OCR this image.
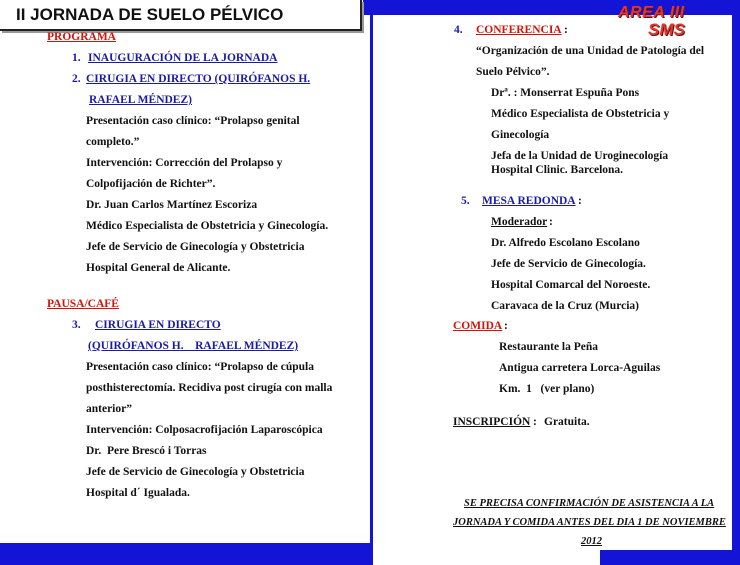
II JORNADA DE SUELO PÉLVICO	AREA III
SMS
PROGRAMA
1. INAUGURACIÓN DE LA JORNADA
2. CIRUGIA EN DIRECTO (QUIRÓFANOS H.
RAFAEL MÉNDEZ)
Presentación caso clínico: “Prolapso genital
completo.”
Intervención: Corrección del Prolapso y
Colpofijación de Richter”.
Dr. Juan Carlos Martínez Escoriza
Médico Especialista de Obstetricia y Ginecología.
Jefe de Servicio de Ginecología y Obstetricia
Hospital General de Alicante.
PAUSA/CAFÉ
3. CIRUGIA EN DIRECTO
(QUIRÓFANOS H.    RAFAEL MÉNDEZ)
Presentación caso clínico: “Prolapso de cúpula
posthisterectomía. Recidiva post cirugía con malla
anterior”
Intervención: Colposacrofijación Laparoscópica
Dr.  Pere Brescó i Torras
Jefe de Servicio de Ginecología y Obstetricia
Hospital d´ Igualada.
4. CONFERENCIA :
“Organización de una Unidad de Patología del
Suelo Pélvico”.
Drª. : Monserrat Espuña Pons
Médico Especialista de Obstetricia y
Ginecología
Jefa de la Unidad de Uroginecología
Hospital Clinic. Barcelona.
5. MESA REDONDA :
Moderador :
Dr. Alfredo Escolano Escolano
Jefe de Servicio de Ginecología.
Hospital Comarcal del Noroeste.
Caravaca de la Cruz (Murcia)
COMIDA :
Restaurante la Peña
Antigua carretera Lorca-Aguilas
Km.  1   (ver plano)
INSCRIPCIÓN : Gratuita.
SE PRECISA CONFIRMACIÓN DE ASISTENCIA A LA
JORNADA Y COMIDA ANTES DEL DIA 1 DE NOVIEMBRE
2012
